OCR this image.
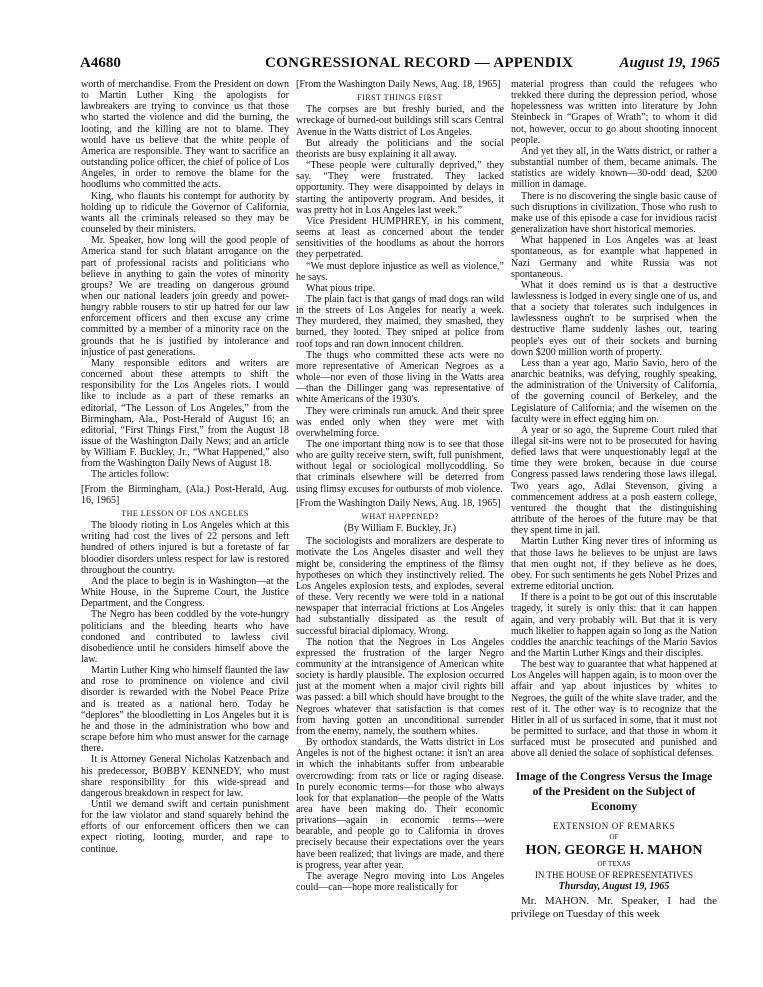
A4680	CONGRESSIONAL RECORD — APPENDIX	August 19, 1965

worth of merchandise. From the President on down to Martin Luther King the apologists for lawbreakers are trying to convince us that those who started the violence and did the burning, the looting, and the killing are not to blame. They would have us believe that the white people of America are responsible. They want to sacrifice an outstanding police officer, the chief of police of Los Angeles, in order to remove the blame for the hoodlums who committed the acts.

King, who flaunts his contempt for authority by holding up to ridicule the Governor of California, wants all the criminals released so they may be counseled by their ministers.

Mr. Speaker, how long will the good people of America stand for such blatant arrogance on the part of professional racists and politicians who believe in anything to gain the votes of minority groups? We are treading on dangerous ground when our national leaders join greedy and power-hungry rabble rousers to stir up hatred for our law enforcement officers and then excuse any crime committed by a member of a minority race on the grounds that he is justified by intolerance and injustice of past generations.

Many responsible editors and writers are concerned about these attempts to shift the responsibility for the Los Angeles riots. I would like to include as a part of these remarks an editorial, “The Lesson of Los Angeles,” from the Birmingham, Ala., Post-Herald of August 16; an editorial, “First Things First,” from the August 18 issue of the Washington Daily News; and an article by William F. Buckley, Jr., “What Happened,” also from the Washington Daily News of August 18.

The articles follow:

[From the Birmingham, (Ala.) Post-Herald, Aug. 16, 1965]

THE LESSON OF LOS ANGELES

The bloody rioting in Los Angeles which at this writing had cost the lives of 22 persons and left hundred of others injured is but a foretaste of far bloodier disorders unless respect for law is restored throughout the country.

And the place to begin is in Washington—at the White House, in the Supreme Court, the Justice Department, and the Congress.

The Negro has been coddled by the vote-hungry politicians and the bleeding hearts who have condoned and contributed to lawless civil disobedience until he considers himself above the law.

Martin Luther King who himself flaunted the law and rose to prominence on violence and civil disorder is rewarded with the Nobel Peace Prize and is treated as a national hero. Today he “deplores” the bloodletting in Los Angeles but it is he and those in the administration who bow and scrape before him who must answer for the carnage there.

It is Attorney General Nicholas Katzenbach and his predecessor, BOBBY KENNEDY, who must share responsibility for this wide-spread and dangerous breakdown in respect for law.

Until we demand swift and certain punishment for the law violator and stand squarely behind the efforts of our enforcement officers then we can expect rioting, looting, murder, and rape to continue.

[From the Washington Daily News, Aug. 18, 1965]

FIRST THINGS FIRST

The corpses are but freshly buried, and the wreckage of burned-out buildings still scars Central Avenue in the Watts district of Los Angeles.

But already the politicians and the social theorists are busy explaining it all away.

“These people were culturally deprived,” they say. “They were frustrated. They lacked opportunity. They were disappointed by delays in starting the antipoverty program. And besides, it was pretty hot in Los Angeles last week.”

Vice President HUMPHREY, in his comment, seems at least as concerned about the tender sensitivities of the hoodlums as about the horrors they perpetrated.

“We must deplore injustice as well as violence,” he says.

What pious tripe.

The plain fact is that gangs of mad dogs ran wild in the streets of Los Angeles for nearly a week. They murdered, they maimed, they smashed, they burned, they looted. They sniped at police from roof tops and ran down innocent children.

The thugs who committed these acts were no more representative of American Negroes as a whole—nor even of those living in the Watts area—than the Dillinger gang was representative of white Americans of the 1930's.

They were criminals run amuck. And their spree was ended only when they were met with overwhelming force.

The one important thing now is to see that those who are guilty receive stern, swift, full punishment, without legal or sociological mollycoddling. So that criminals elsewhere will be deterred from using flimsy excuses for outbursts of mob violence.

[From the Washington Daily News, Aug. 18, 1965]

WHAT HAPPENED?

(By William F. Buckley, Jr.)

The sociologists and moralizers are desperate to motivate the Los Angeles disaster and well they might be, considering the emptiness of the flimsy hypotheses on which they instinctively relied. The Los Angeles explosion tests, and explodes, several of these. Very recently we were told in a national newspaper that interracial frictions at Los Angeles had substantially dissipated as the result of successful biracial diplomacy. Wrong.

The notion that the Negroes in Los Angeles expressed the frustration of the larger Negro community at the intransigence of American white society is hardly plausible. The explosion occurred just at the moment when a major civil rights bill was passed: a bill which should have brought to the Negroes whatever that satisfaction is that comes from having gotten an unconditional surrender from the enemy, namely, the southern whites.

By orthodox standards, the Watts district in Los Angeles is not of the highest octane: it isn't an area in which the inhabitants suffer from unbearable overcrowding: from rats or lice or raging disease. In purely economic terms—for those who always look for that explanation—the people of the Watts area have been making do. Their economic privations—again in economic terms—were bearable, and people go to California in droves precisely because their expectations over the years have been realized; that livings are made, and there is progress, year after year.

The average Negro moving into Los Angeles could—can—hope more realistically for

material progress than could the refugees who trekked there during the depression period, whose hopelessness was written into literature by John Steinbeck in “Grapes of Wrath”; to whom it did not, however, occur to go about shooting innocent people.

And yet they all, in the Watts district, or rather a substantial number of them, became animals. The statistics are widely known—30-odd dead, $200 million in damage.

There is no discovering the single basic cause of such disruptions in civilization. Those who rush to make use of this episode a case for invidious racist generalization have short historical memories.

What happened in Los Angeles was at least spontaneous, as for example what happened in Nazi Germany and white Russia was not spontaneous.

What it does remind us is that a destructive lawlessness is lodged in every single one of us, and that a society that tolerates such indulgences in lawlessness oughn't to be surprised when the destructive flame suddenly lashes out, tearing people's eyes out of their sockets and burning down $200 million worth of property.

Less than a year ago, Mario Savio, hero of the anarchic beatniks, was defying, roughly speaking, the administration of the University of California, of the governing council of Berkeley, and the Legislature of California; and the wisemen on the faculty were in effect egging him on.

A year or so ago, the Supreme Court ruled that illegal sit-ins were not to be prosecuted for having defied laws that were unquestionably legal at the time they were broken, because in due course Congress passed laws rendering those laws illegal. Two years ago, Adlai Stevenson, giving a commencement address at a posh eastern college, ventured the thought that the distinguishing attribute of the heroes of the future may be that they spent time in jail.

Martin Luther King never tires of informing us that those laws he believes to be unjust are laws that men ought not, if they believe as he does, obey. For such sentiments he gets Nobel Prizes and extreme editorial unction.

If there is a point to be got out of this inscrutable tragedy, it surely is only this: that it can happen again, and very probably will. But that it is very much likelier to happen again so long as the Nation coddles the anarchic teachings of the Mario Savios and the Martin Luther Kings and their disciples.

The best way to guarantee that what happened at Los Angeles will happen again, is to moon over the affair and yap about injustices by whites to Negroes, the guilt of the white slave trader, and the rest of it. The other way is to recognize that the Hitler in all of us surfaced in some, that it must not be permitted to surface, and that those in whom it surfaced must be prosecuted and punished and above all denied the solace of sophistical defenses.

Image of the Congress Versus the Image of the President on the Subject of Economy
EXTENSION OF REMARKS
OF
HON. GEORGE H. MAHON
OF TEXAS
IN THE HOUSE OF REPRESENTATIVES
Thursday, August 19, 1965

Mr. MAHON. Mr. Speaker, I had the privilege on Tuesday of this week
